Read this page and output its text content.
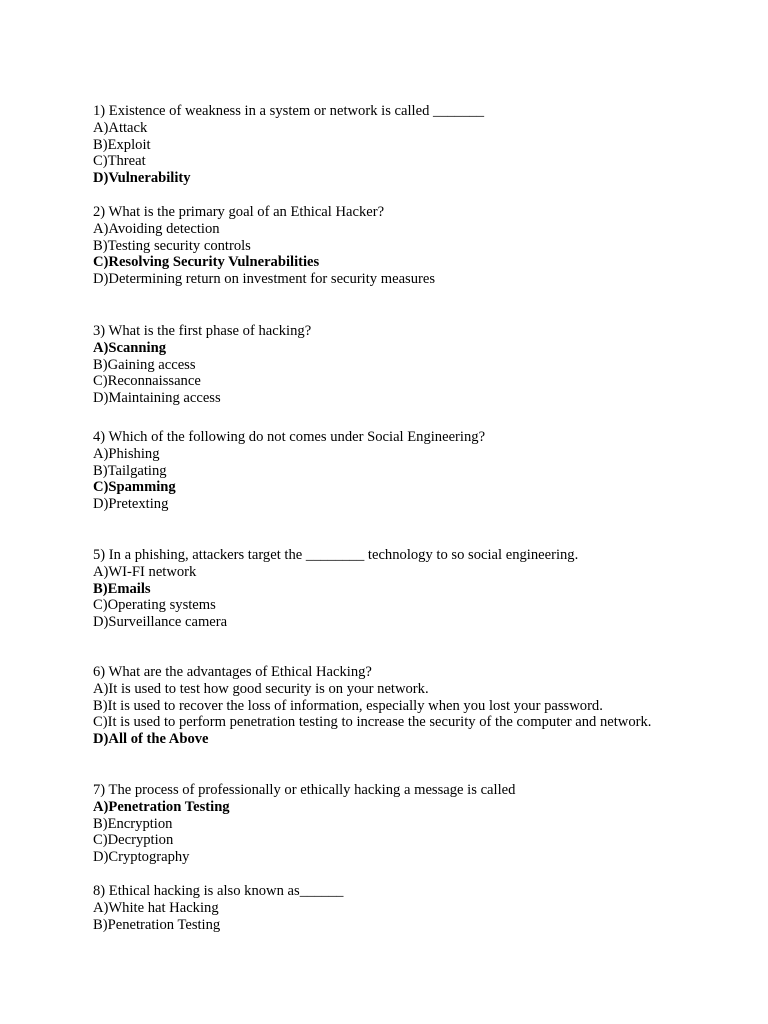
1) Existence of weakness in a system or network is called _______
A)Attack
B)Exploit
C)Threat
D)Vulnerability
2) What is the primary goal of an Ethical Hacker?
A)Avoiding detection
B)Testing security controls
C)Resolving Security Vulnerabilities
D)Determining return on investment for security measures
3) What is the first phase of hacking?
A)Scanning
B)Gaining access
C)Reconnaissance
D)Maintaining access
4) Which of the following do not comes under Social Engineering?
A)Phishing
B)Tailgating
C)Spamming
D)Pretexting
5) In a phishing, attackers target the ________ technology to so social engineering.
A)WI-FI network
B)Emails
C)Operating systems
D)Surveillance camera
6) What are the advantages of Ethical Hacking?
A)It is used to test how good security is on your network.
B)It is used to recover the loss of information, especially when you lost your password.
C)It is used to perform penetration testing to increase the security of the computer and network.
D)All of the Above
7) The process of professionally or ethically hacking a message is called
A)Penetration Testing
B)Encryption
C)Decryption
D)Cryptography
8) Ethical hacking is also known as______
A)White hat Hacking
B)Penetration Testing
